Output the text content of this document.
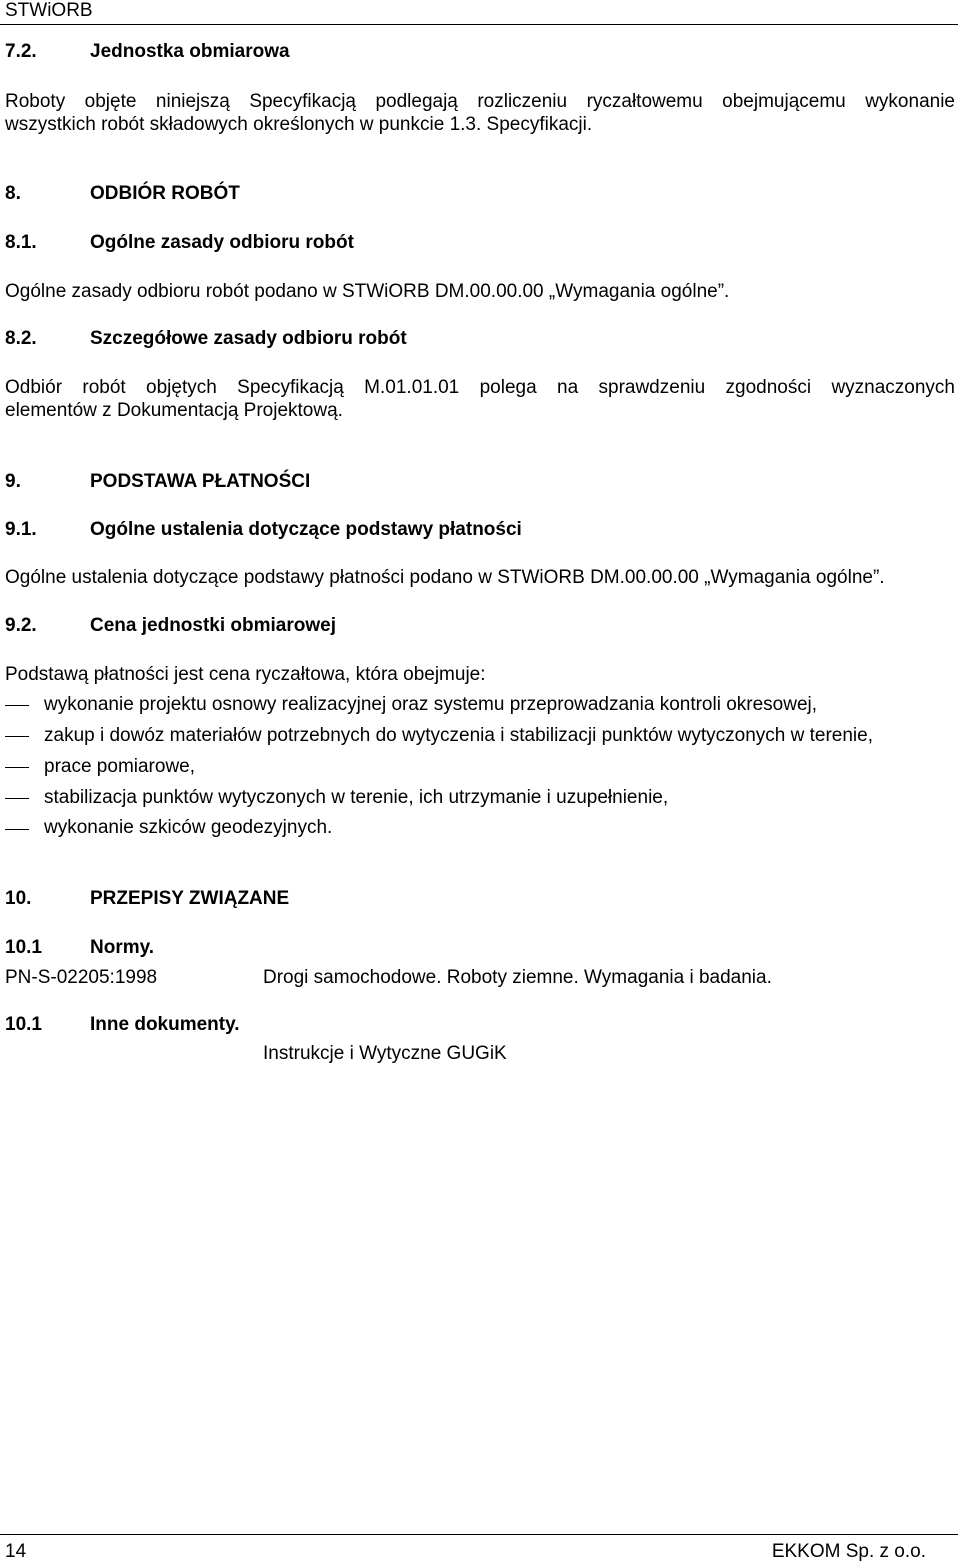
STWiORB
7.2.	Jednostka obmiarowa
Roboty objęte niniejszą Specyfikacją podlegają rozliczeniu ryczałtowemu obejmującemu wykonanie
wszystkich robót składowych określonych w punkcie 1.3. Specyfikacji.
8.	ODBIÓR ROBÓT
8.1.	Ogólne zasady odbioru robót
Ogólne zasady odbioru robót podano w STWiORB DM.00.00.00 „Wymagania ogólne”.
8.2.	Szczegółowe zasady odbioru robót
Odbiór robót objętych Specyfikacją M.01.01.01 polega na sprawdzeniu zgodności wyznaczonych
elementów z Dokumentacją Projektową.
9.	PODSTAWA PŁATNOŚCI
9.1.	Ogólne ustalenia dotyczące podstawy płatności
Ogólne ustalenia dotyczące podstawy płatności podano w STWiORB DM.00.00.00 „Wymagania ogólne”.
9.2.	Cena jednostki obmiarowej
Podstawą płatności jest cena ryczałtowa, która obejmuje:
wykonanie projektu osnowy realizacyjnej oraz systemu przeprowadzania kontroli okresowej,
zakup i dowóz materiałów potrzebnych do wytyczenia i stabilizacji punktów wytyczonych w terenie,
prace pomiarowe,
stabilizacja punktów wytyczonych w terenie, ich utrzymanie i uzupełnienie,
wykonanie szkiców geodezyjnych.
10.	PRZEPISY ZWIĄZANE
10.1	Normy.
PN-S-02205:1998	Drogi samochodowe. Roboty ziemne. Wymagania i badania.
10.1	Inne dokumenty.
Instrukcje i Wytyczne GUGiK
14	EKKOM Sp. z o.o.
